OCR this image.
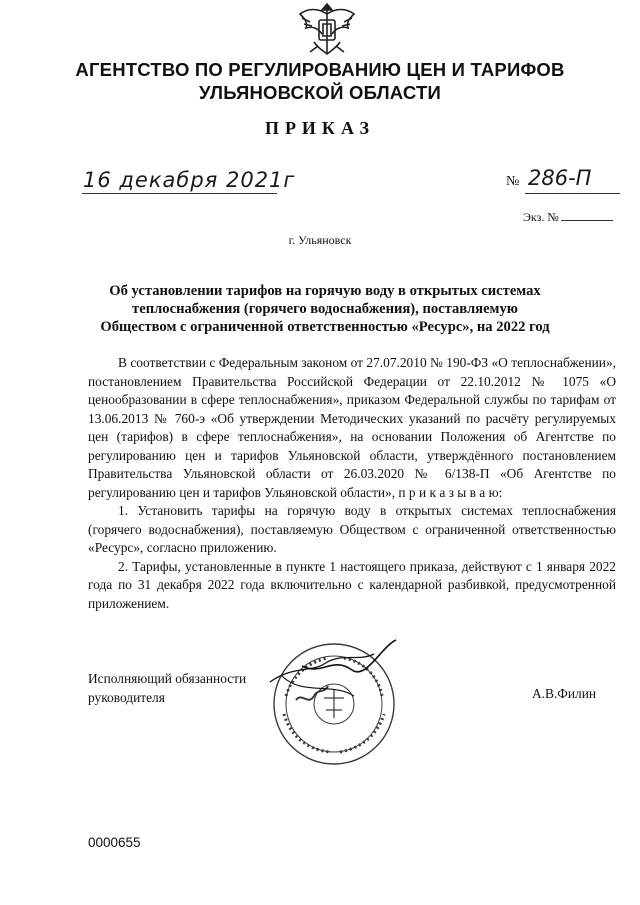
АГЕНТСТВО ПО РЕГУЛИРОВАНИЮ ЦЕН И ТАРИФОВ
УЛЬЯНОВСКОЙ ОБЛАСТИ
ПРИКАЗ
16 декабря 2021г	№ 286-П
Экз. №
г. Ульяновск
Об установлении тарифов на горячую воду в открытых системах
теплоснабжения (горячего водоснабжения), поставляемую
Обществом с ограниченной ответственностью «Ресурс», на 2022 год

В соответствии с Федеральным законом от 27.07.2010 № 190-ФЗ «О теплоснабжении», постановлением Правительства Российской Федерации от 22.10.2012 № 1075 «О ценообразовании в сфере теплоснабжения», приказом Федеральной службы по тарифам от 13.06.2013 № 760-э «Об утверждении Методических указаний по расчёту регулируемых цен (тарифов) в сфере теплоснабжения», на основании Положения об Агентстве по регулированию цен и тарифов Ульяновской области, утверждённого постановлением Правительства Ульяновской области от 26.03.2020 № 6/138-П «Об Агентстве по регулированию цен и тарифов Ульяновской области», п р и к а з ы в а ю:

1. Установить тарифы на горячую воду в открытых системах теплоснабжения (горячего водоснабжения), поставляемую Обществом с ограниченной ответственностью «Ресурс», согласно приложению.

2. Тарифы, установленные в пункте 1 настоящего приказа, действуют с 1 января 2022 года по 31 декабря 2022 года включительно с календарной разбивкой, предусмотренной приложением.

Исполняющий обязанности
руководителя	А.В.Филин
0000655
